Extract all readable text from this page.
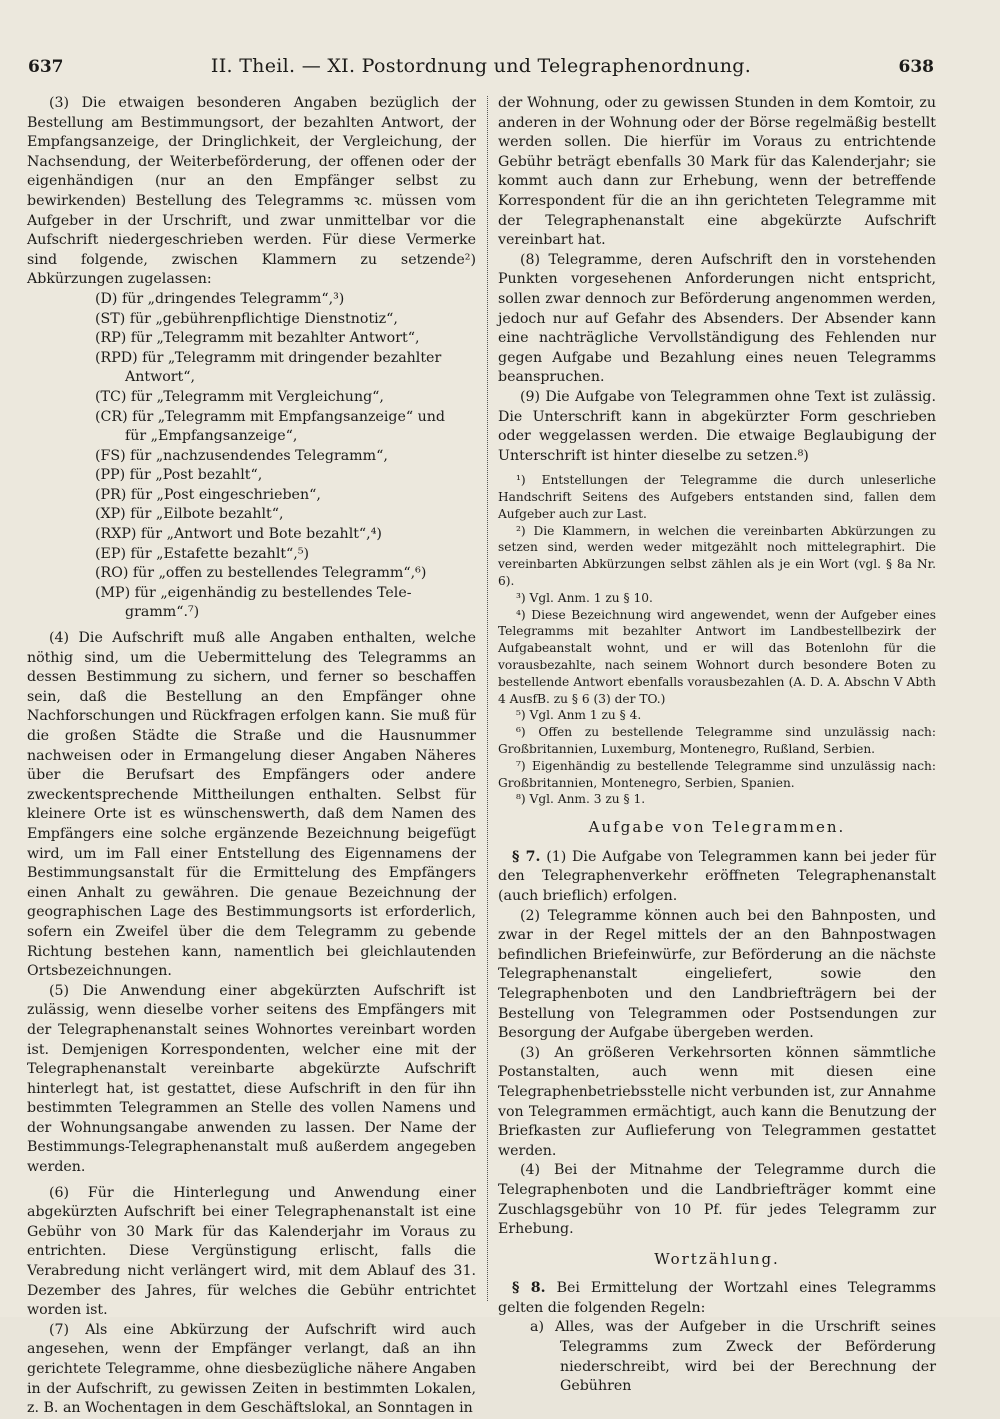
637	II. Theil. — XI. Postordnung und Telegraphenordnung.	638

(3) Die etwaigen besonderen Angaben bezüglich der Bestellung am Bestimmungsort, der bezahlten Antwort, der Empfangsanzeige, der Dringlichkeit, der Vergleichung, der Nachsendung, der Weiterbeförderung, der offenen oder der eigenhändigen (nur an den Empfänger selbst zu bewirkenden) Bestellung des Telegramms ꝛc. müssen vom Aufgeber in der Urschrift, und zwar unmittelbar vor die Aufschrift niedergeschrieben werden. Für diese Vermerke sind folgende, zwischen Klammern zu setzende²) Abkürzungen zugelassen:

(D) für „dringendes Telegramm“,³)
(ST) für „gebührenpflichtige Dienstnotiz“,
(RP) für „Telegramm mit bezahlter Antwort“,
(RPD) für „Telegramm mit dringender bezahlter
Antwort“,
(TC) für „Telegramm mit Vergleichung“,
(CR) für „Telegramm mit Empfangsanzeige“ und
für „Empfangsanzeige“,
(FS) für „nachzusendendes Telegramm“,
(PP) für „Post bezahlt“,
(PR) für „Post eingeschrieben“,
(XP) für „Eilbote bezahlt“,
(RXP) für „Antwort und Bote bezahlt“,⁴)
(EP) für „Estafette bezahlt“,⁵)
(RO) für „offen zu bestellendes Telegramm“,⁶)
(MP) für „eigenhändig zu bestellendes Tele-
gramm“.⁷)

(4) Die Aufschrift muß alle Angaben enthalten, welche nöthig sind, um die Uebermittelung des Telegramms an dessen Bestimmung zu sichern, und ferner so beschaffen sein, daß die Bestellung an den Empfänger ohne Nachforschungen und Rückfragen erfolgen kann. Sie muß für die großen Städte die Straße und die Hausnummer nachweisen oder in Ermangelung dieser Angaben Näheres über die Berufsart des Empfängers oder andere zweckentsprechende Mittheilungen enthalten. Selbst für kleinere Orte ist es wünschenswerth, daß dem Namen des Empfängers eine solche ergänzende Bezeichnung beigefügt wird, um im Fall einer Entstellung des Eigennamens der Bestimmungsanstalt für die Ermittelung des Empfängers einen Anhalt zu gewähren. Die genaue Bezeichnung der geographischen Lage des Bestimmungsorts ist erforderlich, sofern ein Zweifel über die dem Telegramm zu gebende Richtung bestehen kann, namentlich bei gleichlautenden Ortsbezeichnungen.

(5) Die Anwendung einer abgekürzten Aufschrift ist zulässig, wenn dieselbe vorher seitens des Empfängers mit der Telegraphenanstalt seines Wohnortes vereinbart worden ist. Demjenigen Korrespondenten, welcher eine mit der Telegraphenanstalt vereinbarte abgekürzte Aufschrift hinterlegt hat, ist gestattet, diese Aufschrift in den für ihn bestimmten Telegrammen an Stelle des vollen Namens und der Wohnungsangabe anwenden zu lassen. Der Name der Bestimmungs-Telegraphenanstalt muß außerdem angegeben werden.

(6) Für die Hinterlegung und Anwendung einer abgekürzten Aufschrift bei einer Telegraphenanstalt ist eine Gebühr von 30 Mark für das Kalenderjahr im Voraus zu entrichten. Diese Vergünstigung erlischt, falls die Verabredung nicht verlängert wird, mit dem Ablauf des 31. Dezember des Jahres, für welches die Gebühr entrichtet worden ist.

(7) Als eine Abkürzung der Aufschrift wird auch angesehen, wenn der Empfänger verlangt, daß an ihn gerichtete Telegramme, ohne diesbezügliche nähere Angaben in der Aufschrift, zu gewissen Zeiten in bestimmten Lokalen, z. B. an Wochentagen in dem Geschäftslokal, an Sonntagen in

der Wohnung, oder zu gewissen Stunden in dem Komtoir, zu anderen in der Wohnung oder der Börse regelmäßig bestellt werden sollen. Die hierfür im Voraus zu entrichtende Gebühr beträgt ebenfalls 30 Mark für das Kalenderjahr; sie kommt auch dann zur Erhebung, wenn der betreffende Korrespondent für die an ihn gerichteten Telegramme mit der Telegraphenanstalt eine abgekürzte Aufschrift vereinbart hat.

(8) Telegramme, deren Aufschrift den in vorstehenden Punkten vorgesehenen Anforderungen nicht entspricht, sollen zwar dennoch zur Beförderung angenommen werden, jedoch nur auf Gefahr des Absenders. Der Absender kann eine nachträgliche Vervollständigung des Fehlenden nur gegen Aufgabe und Bezahlung eines neuen Telegramms beanspruchen.

(9) Die Aufgabe von Telegrammen ohne Text ist zulässig. Die Unterschrift kann in abgekürzter Form geschrieben oder weggelassen werden. Die etwaige Beglaubigung der Unterschrift ist hinter dieselbe zu setzen.⁸)

¹) Entstellungen der Telegramme die durch unleserliche Handschrift Seitens des Aufgebers entstanden sind, fallen dem Aufgeber auch zur Last.

²) Die Klammern, in welchen die vereinbarten Abkürzungen zu setzen sind, werden weder mitgezählt noch mittelegraphirt. Die vereinbarten Abkürzungen selbst zählen als je ein Wort (vgl. § 8a Nr. 6).

³) Vgl. Anm. 1 zu § 10.

⁴) Diese Bezeichnung wird angewendet, wenn der Aufgeber eines Telegramms mit bezahlter Antwort im Landbestellbezirk der Aufgabeanstalt wohnt, und er will das Botenlohn für die vorausbezahlte, nach seinem Wohnort durch besondere Boten zu bestellende Antwort ebenfalls vorausbezahlen (A. D. A. Abschn V Abth 4 AusfB. zu § 6 (3) der TO.)

⁵) Vgl. Anm 1 zu § 4.

⁶) Offen zu bestellende Telegramme sind unzulässig nach: Großbritannien, Luxemburg, Montenegro, Rußland, Serbien.

⁷) Eigenhändig zu bestellende Telegramme sind unzulässig nach: Großbritannien, Montenegro, Serbien, Spanien.

⁸) Vgl. Anm. 3 zu § 1.

Aufgabe von Telegrammen.

§ 7. (1) Die Aufgabe von Telegrammen kann bei jeder für den Telegraphenverkehr eröffneten Telegraphenanstalt (auch brieflich) erfolgen.

(2) Telegramme können auch bei den Bahnposten, und zwar in der Regel mittels der an den Bahnpostwagen befindlichen Briefeinwürfe, zur Beförderung an die nächste Telegraphenanstalt eingeliefert, sowie den Telegraphenboten und den Landbriefträgern bei der Bestellung von Telegrammen oder Postsendungen zur Besorgung der Aufgabe übergeben werden.

(3) An größeren Verkehrsorten können sämmtliche Postanstalten, auch wenn mit diesen eine Telegraphenbetriebsstelle nicht verbunden ist, zur Annahme von Telegrammen ermächtigt, auch kann die Benutzung der Briefkasten zur Auflieferung von Telegrammen gestattet werden.

(4) Bei der Mitnahme der Telegramme durch die Telegraphenboten und die Landbriefträger kommt eine Zuschlagsgebühr von 10 Pf. für jedes Telegramm zur Erhebung.

Wortzählung.

§ 8. Bei Ermittelung der Wortzahl eines Telegramms gelten die folgenden Regeln:

a) Alles, was der Aufgeber in die Urschrift seines Telegramms zum Zweck der Beförderung niederschreibt, wird bei der Berechnung der Gebühren
